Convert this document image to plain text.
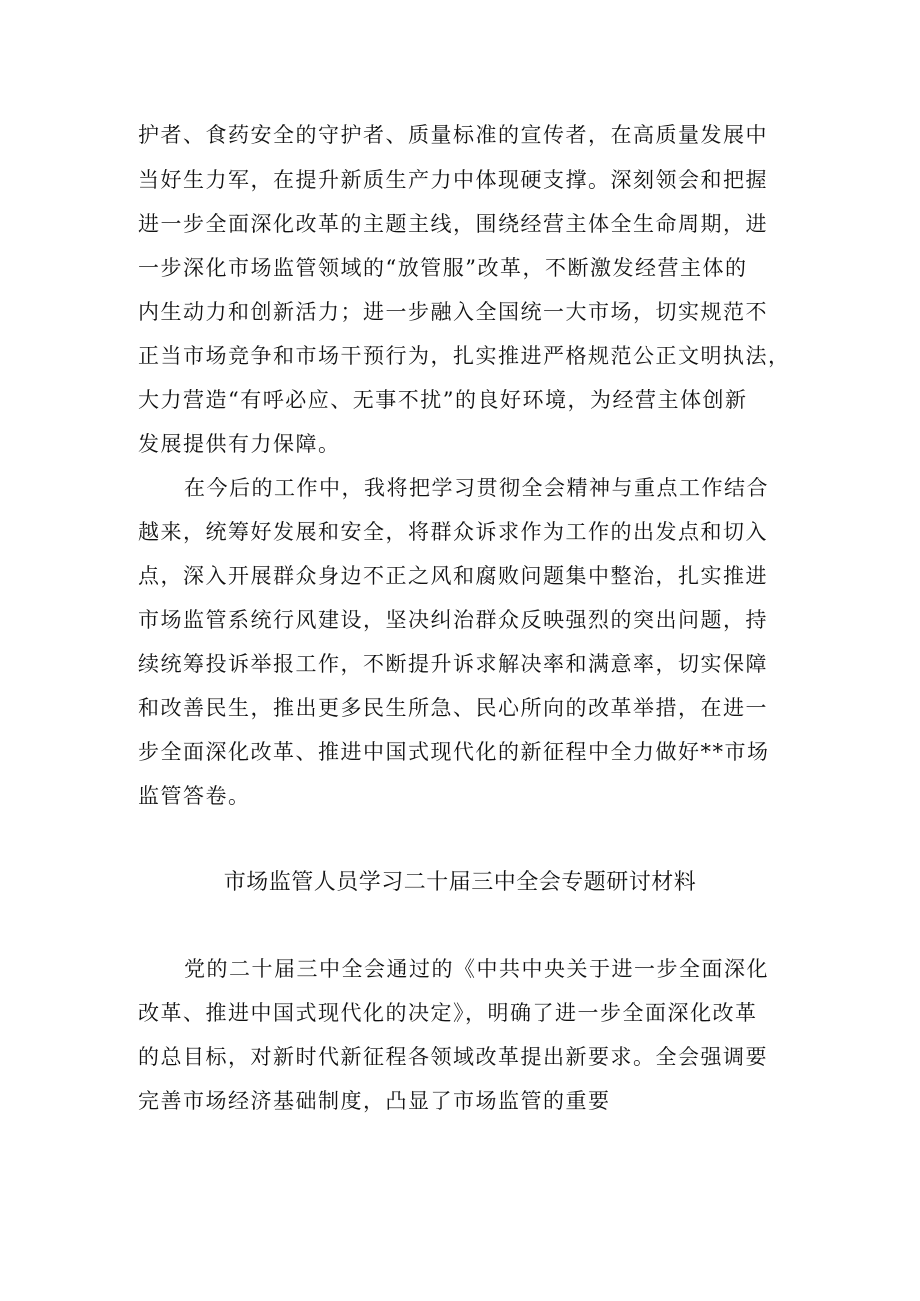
护者、食药安全的守护者、质量标准的宣传者，在高质量发展中
当好生力军，在提升新质生产力中体现硬支撑。深刻领会和把握
进一步全面深化改革的主题主线，围绕经营主体全生命周期，进
一步深化市场监管领域的“放管服”改革，不断激发经营主体的
内生动力和创新活力；进一步融入全国统一大市场，切实规范不
正当市场竞争和市场干预行为，扎实推进严格规范公正文明执法，
大力营造“有呼必应、无事不扰”的良好环境，为经营主体创新
发展提供有力保障。
在今后的工作中，我将把学习贯彻全会精神与重点工作结合
越来，统筹好发展和安全，将群众诉求作为工作的出发点和切入
点，深入开展群众身边不正之风和腐败问题集中整治，扎实推进
市场监管系统行风建设，坚决纠治群众反映强烈的突出问题，持
续统筹投诉举报工作，不断提升诉求解决率和满意率，切实保障
和改善民生，推出更多民生所急、民心所向的改革举措，在进一
步全面深化改革、推进中国式现代化的新征程中全力做好**市场
监管答卷。
市场监管人员学习二十届三中全会专题研讨材料
党的二十届三中全会通过的《中共中央关于进一步全面深化
改革、推进中国式现代化的决定》，明确了进一步全面深化改革
的总目标，对新时代新征程各领域改革提出新要求。全会强调要
完善市场经济基础制度，凸显了市场监管的重要
